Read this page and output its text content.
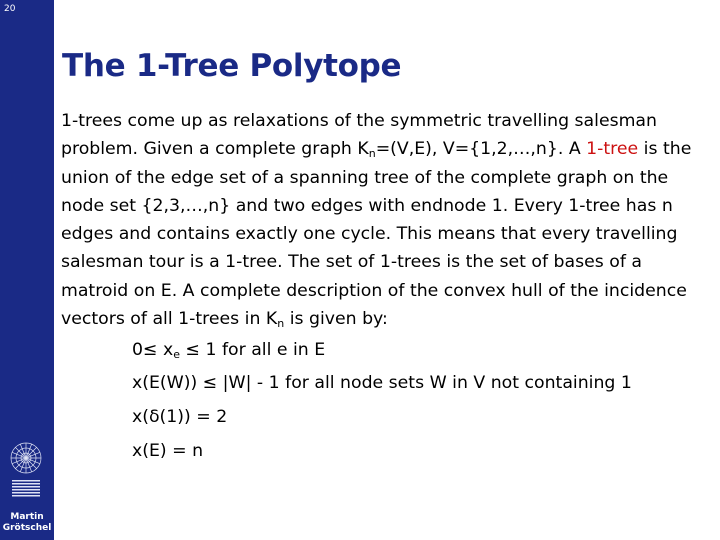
20
Martin
Grötschel
The 1-Tree Polytope

1-trees come up as relaxations of the symmetric travelling salesman problem. Given a complete graph $K_n=(V,E)$, V={1,2,…,n}. A 1-tree is the union of the edge set of a spanning tree of the complete graph on the node set {2,3,…,n} and two edges with endnode 1. Every 1-tree has n edges and contains exactly one cycle. This means that every travelling salesman tour is a 1-tree. The set of 1-trees is the set of bases of a matroid on E. A complete description of the convex hull of the incidence vectors of all 1-trees in $K_n$ is given by:

$0\le x_e \le 1$ for all e in E

x(E(W)) ≤ |W| - 1 for all node sets W in V not containing 1

x(δ(1)) = 2

x(E) = n
